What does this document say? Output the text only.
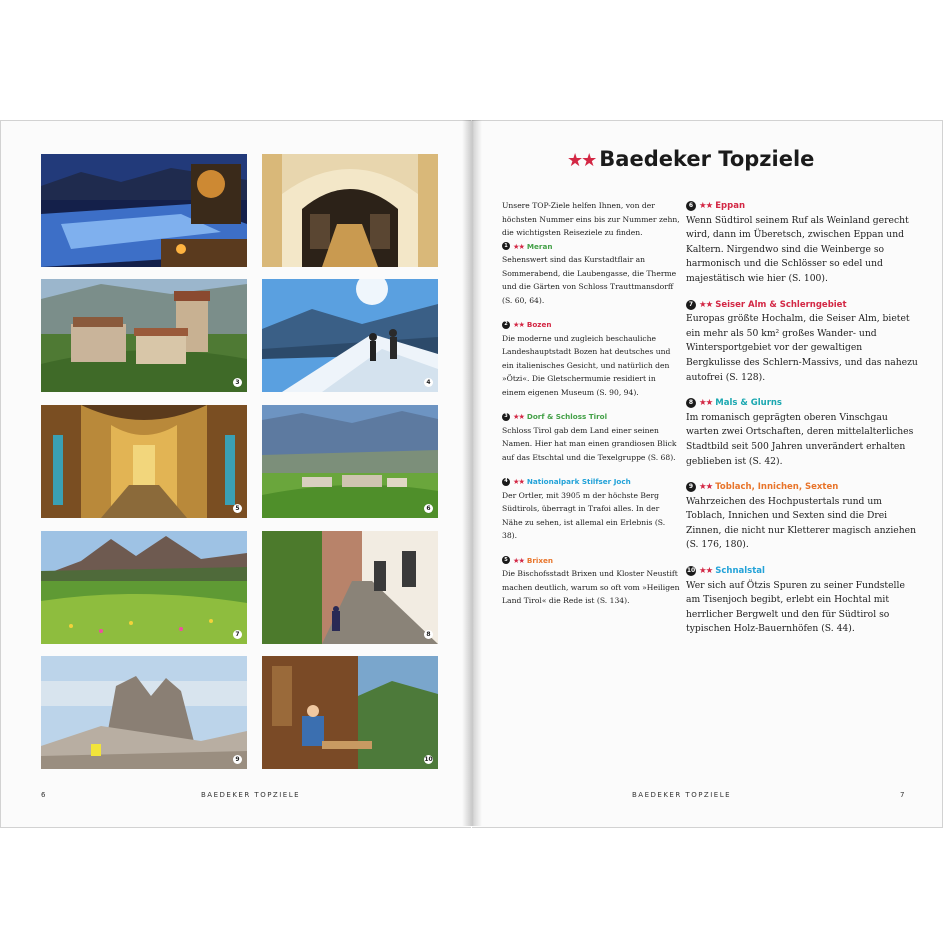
3	4
5	6
7	8
9	10
6	BAEDEKER TOPZIELE
★★ Baedeker Topziele

Unsere TOP-Ziele helfen Ihnen, von der höchsten Nummer eins bis zur Nummer zehn, die wichtigsten Reiseziele zu finden.

1 ★★ Meran

Sehenswert sind das Kurstadtflair an Sommerabend, die Laubengasse, die Therme und die Gärten von Schloss Trauttmansdorff (S. 60, 64).

2 ★★ Bozen

Die moderne und zugleich beschauliche Landeshauptstadt Bozen hat deutsches und ein italienisches Gesicht, und natürlich den »Ötzi«. Die Gletschermumie residiert in einem eigenen Museum (S. 90, 94).

3 ★★ Dorf & Schloss Tirol

Schloss Tirol gab dem Land einer seinen Namen. Hier hat man einen grandiosen Blick auf das Etschtal und die Texelgruppe (S. 68).

4 ★★ Nationalpark Stilfser Joch

Der Ortler, mit 3905 m der höchste Berg Südtirols, überragt in Trafoi alles. In der Nähe zu sehen, ist allemal ein Erlebnis (S. 38).

5 ★★ Brixen

Die Bischofsstadt Brixen und Kloster Neustift machen deutlich, warum so oft vom »Heiligen Land Tirol« die Rede ist (S. 134).

6 ★★ Eppan

Wenn Südtirol seinem Ruf als Weinland gerecht wird, dann im Überetsch, zwischen Eppan und Kaltern. Nirgendwo sind die Weinberge so harmonisch und die Schlösser so edel und majestätisch wie hier (S. 100).

7 ★★ Seiser Alm & Schlerngebiet

Europas größte Hochalm, die Seiser Alm, bietet ein mehr als 50 km² großes Wander- und Wintersportgebiet vor der gewaltigen Bergkulisse des Schlern-Massivs, und das nahezu autofrei (S. 128).

8 ★★ Mals & Glurns

Im romanisch geprägten oberen Vinschgau warten zwei Ortschaften, deren mittelalterliches Stadtbild seit 500 Jahren unverändert erhalten geblieben ist (S. 42).

9 ★★ Toblach, Innichen, Sexten

Wahrzeichen des Hochpustertals rund um Toblach, Innichen und Sexten sind die Drei Zinnen, die nicht nur Kletterer magisch anziehen (S. 176, 180).

10 ★★ Schnalstal

Wer sich auf Ötzis Spuren zu seiner Fundstelle am Tisenjoch begibt, erlebt ein Hochtal mit herrlicher Bergwelt und den für Südtirol so typischen Holz-Bauernhöfen (S. 44).

BAEDEKER TOPZIELE	7
